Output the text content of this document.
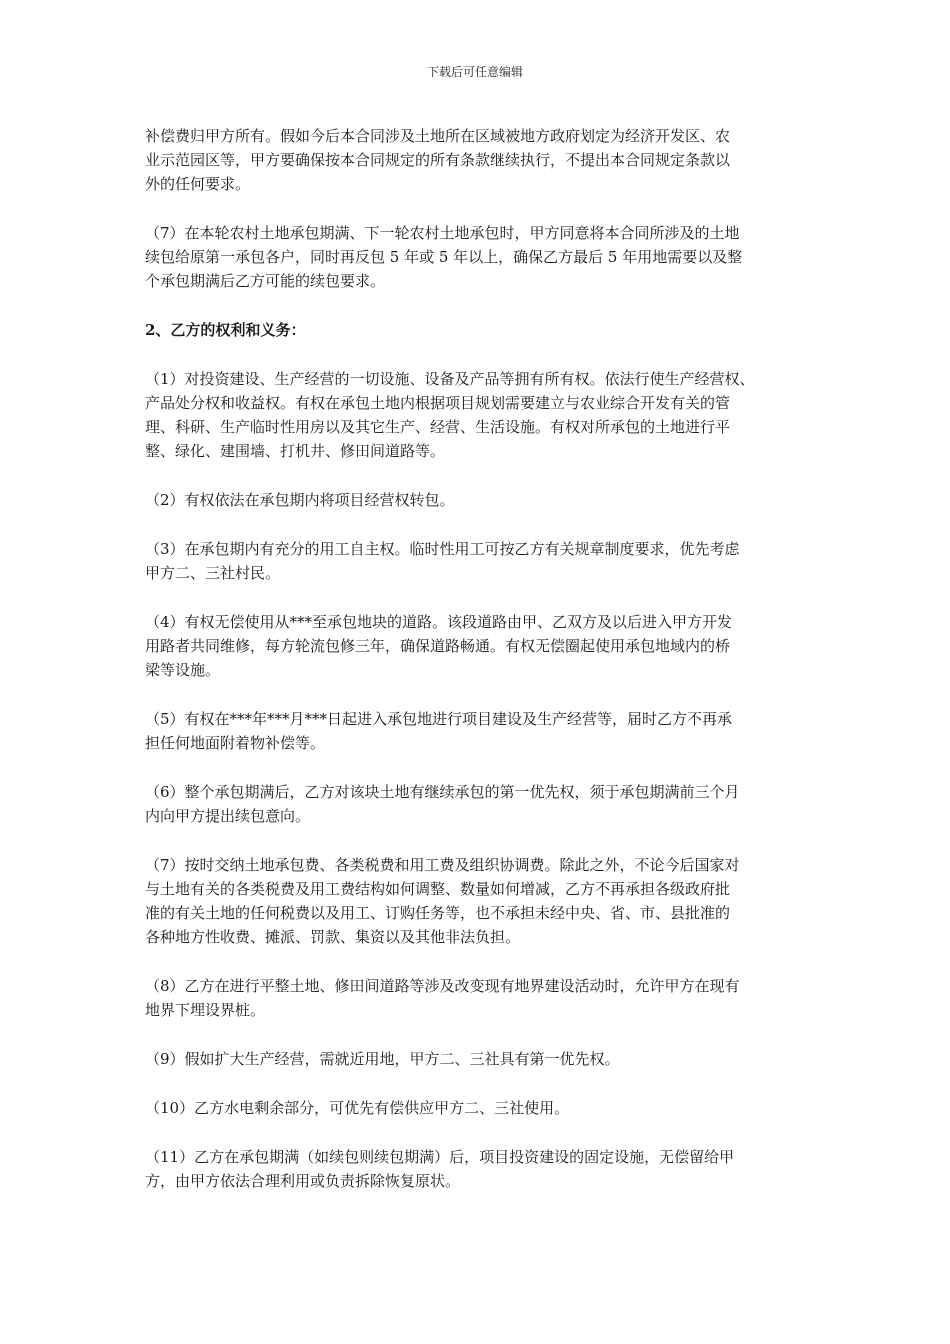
下载后可任意编辑
补偿费归甲方所有。假如今后本合同涉及土地所在区域被地方政府划定为经济开发区、农
业示范园区等，甲方要确保按本合同规定的所有条款继续执行，不提出本合同规定条款以
外的任何要求。
（7）在本轮农村土地承包期满、下一轮农村土地承包时，甲方同意将本合同所涉及的土地
续包给原第一承包各户，同时再反包 5 年或 5 年以上，确保乙方最后 5 年用地需要以及整
个承包期满后乙方可能的续包要求。
2、乙方的权利和义务：
（1）对投资建设、生产经营的一切设施、设备及产品等拥有所有权。依法行使生产经营权、
产品处分权和收益权。有权在承包土地内根据项目规划需要建立与农业综合开发有关的管
理、科研、生产临时性用房以及其它生产、经营、生活设施。有权对所承包的土地进行平
整、绿化、建围墙、打机井、修田间道路等。
（2）有权依法在承包期内将项目经营权转包。
（3）在承包期内有充分的用工自主权。临时性用工可按乙方有关规章制度要求，优先考虑
甲方二、三社村民。
（4）有权无偿使用从***至承包地块的道路。该段道路由甲、乙双方及以后进入甲方开发
用路者共同维修，每方轮流包修三年，确保道路畅通。有权无偿圈起使用承包地域内的桥
梁等设施。
（5）有权在***年***月***日起进入承包地进行项目建设及生产经营等，届时乙方不再承
担任何地面附着物补偿等。
（6）整个承包期满后，乙方对该块土地有继续承包的第一优先权，须于承包期满前三个月
内向甲方提出续包意向。
（7）按时交纳土地承包费、各类税费和用工费及组织协调费。除此之外，不论今后国家对
与土地有关的各类税费及用工费结构如何调整、数量如何增减，乙方不再承担各级政府批
准的有关土地的任何税费以及用工、订购任务等，也不承担未经中央、省、市、县批准的
各种地方性收费、摊派、罚款、集资以及其他非法负担。
（8）乙方在进行平整土地、修田间道路等涉及改变现有地界建设活动时，允许甲方在现有
地界下埋设界桩。
（9）假如扩大生产经营，需就近用地，甲方二、三社具有第一优先权。
（10）乙方水电剩余部分，可优先有偿供应甲方二、三社使用。
（11）乙方在承包期满（如续包则续包期满）后，项目投资建设的固定设施，无偿留给甲
方，由甲方依法合理利用或负责拆除恢复原状。
